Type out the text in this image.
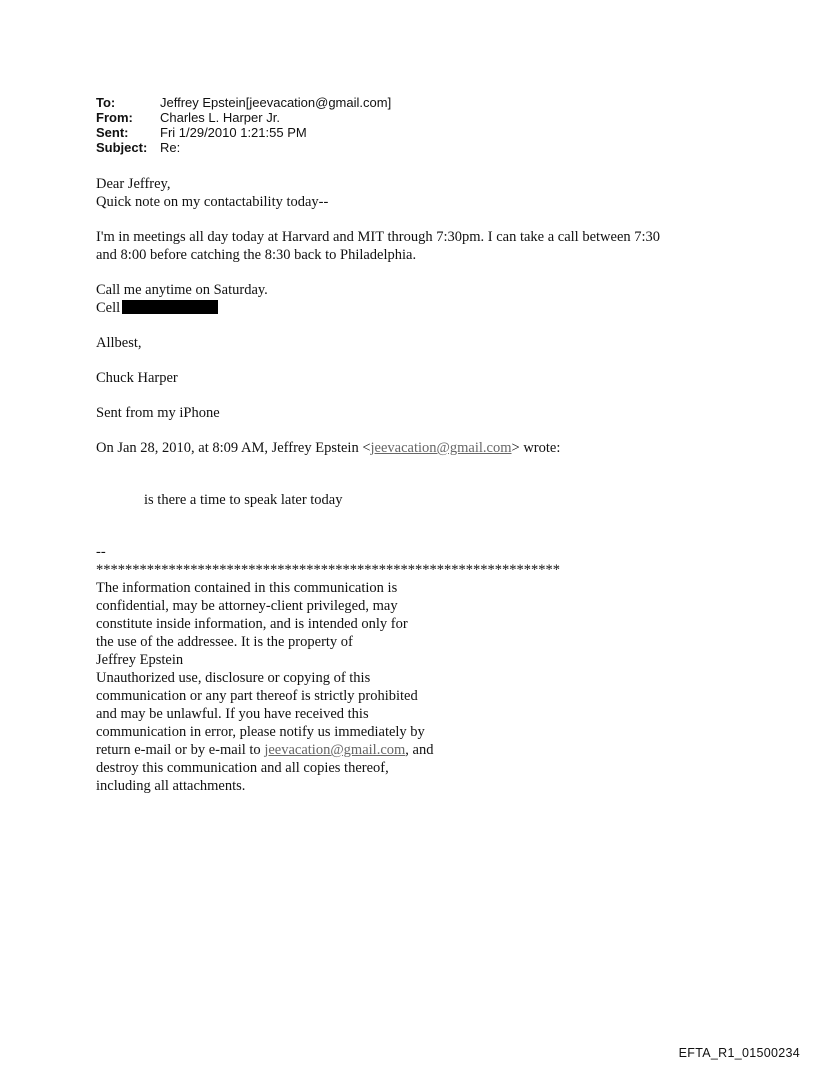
To:	Jeffrey Epstein[jeevacation@gmail.com]
From:	Charles L. Harper Jr.
Sent:	Fri 1/29/2010 1:21:55 PM
Subject: Re:

Dear Jeffrey,

Quick note on my contactability today--

I'm in meetings all day today at Harvard and MIT through 7:30pm. I can take a call between 7:30

and 8:00 before catching the 8:30 back to Philadelphia.

Call me anytime on Saturday.

Cell

Allbest,

Chuck Harper

Sent from my iPhone

On Jan 28, 2010, at 8:09 AM, Jeffrey Epstein <jeevacation@gmail.com> wrote:

is there a time to speak later today

--

****************************************************************

The information contained in this communication is

confidential, may be attorney-client privileged, may

constitute inside information, and is intended only for

the use of the addressee. It is the property of

Jeffrey Epstein

Unauthorized use, disclosure or copying of this

communication or any part thereof is strictly prohibited

and may be unlawful. If you have received this

communication in error, please notify us immediately by

return e-mail or by e-mail to jeevacation@gmail.com, and

destroy this communication and all copies thereof,

including all attachments.

EFTA_R1_01500234
